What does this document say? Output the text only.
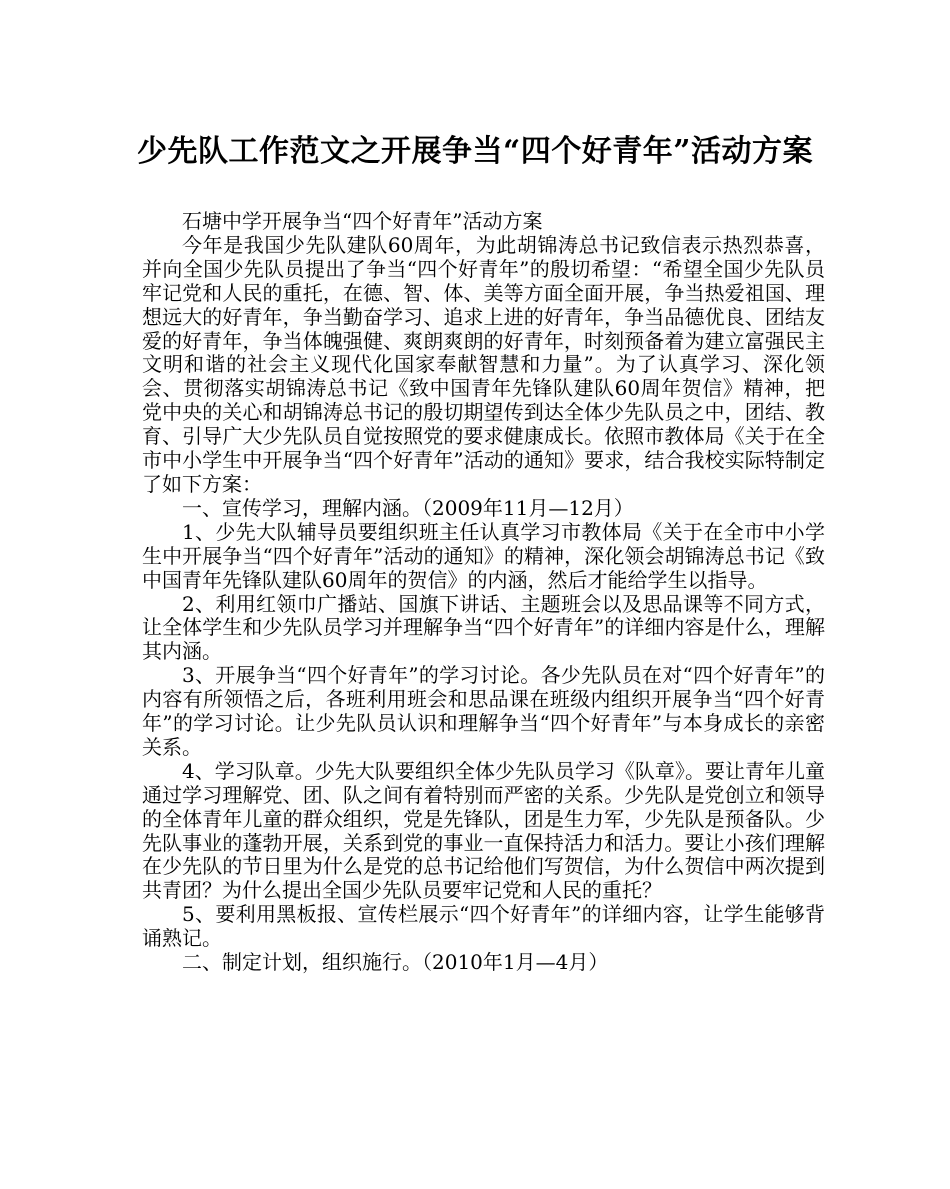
少先队工作范文之开展争当“四个好青年”活动方案

石塘中学开展争当“四个好青年”活动方案

今年是我国少先队建队60周年，为此胡锦涛总书记致信表示热烈恭喜，并向全国少先队员提出了争当“四个好青年”的殷切希望：“希望全国少先队员牢记党和人民的重托，在德、智、体、美等方面全面开展，争当热爱祖国、理想远大的好青年，争当勤奋学习、追求上进的好青年，争当品德优良、团结友爱的好青年，争当体魄强健、爽朗爽朗的好青年，时刻预备着为建立富强民主文明和谐的社会主义现代化国家奉献智慧和力量”。为了认真学习、深化领会、贯彻落实胡锦涛总书记《致中国青年先锋队建队60周年贺信》精神，把党中央的关心和胡锦涛总书记的殷切期望传到达全体少先队员之中，团结、教育、引导广大少先队员自觉按照党的要求健康成长。依照市教体局《关于在全市中小学生中开展争当“四个好青年”活动的通知》要求，结合我校实际特制定了如下方案：

一、宣传学习，理解内涵。（2009年11月—12月）

1、少先大队辅导员要组织班主任认真学习市教体局《关于在全市中小学生中开展争当“四个好青年”活动的通知》的精神，深化领会胡锦涛总书记《致中国青年先锋队建队60周年的贺信》的内涵，然后才能给学生以指导。

2、利用红领巾广播站、国旗下讲话、主题班会以及思品课等不同方式，让全体学生和少先队员学习并理解争当“四个好青年”的详细内容是什么，理解其内涵。

3、开展争当“四个好青年”的学习讨论。各少先队员在对“四个好青年”的内容有所领悟之后，各班利用班会和思品课在班级内组织开展争当“四个好青年”的学习讨论。让少先队员认识和理解争当“四个好青年”与本身成长的亲密关系。

4、学习队章。少先大队要组织全体少先队员学习《队章》。要让青年儿童通过学习理解党、团、队之间有着特别而严密的关系。少先队是党创立和领导的全体青年儿童的群众组织，党是先锋队，团是生力军，少先队是预备队。少先队事业的蓬勃开展，关系到党的事业一直保持活力和活力。要让小孩们理解在少先队的节日里为什么是党的总书记给他们写贺信，为什么贺信中两次提到共青团？为什么提出全国少先队员要牢记党和人民的重托？

5、要利用黑板报、宣传栏展示“四个好青年”的详细内容，让学生能够背诵熟记。

二、制定计划，组织施行。（2010年1月—4月）
